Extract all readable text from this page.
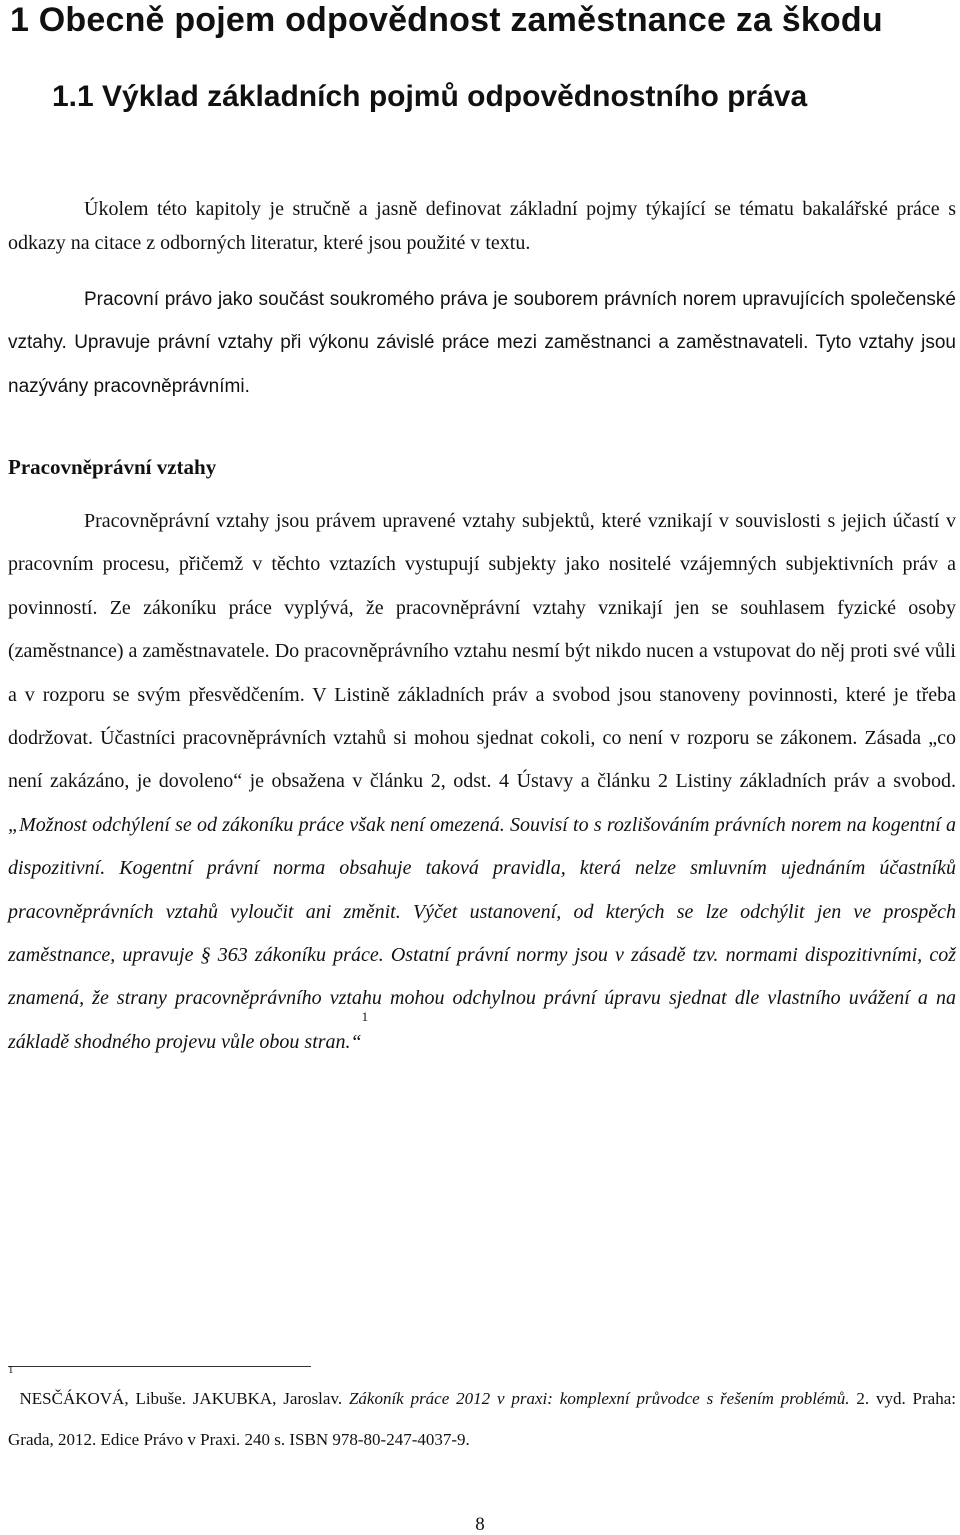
1 Obecně pojem odpovědnost zaměstnance za škodu
1.1 Výklad základních pojmů odpovědnostního práva

Úkolem této kapitoly je stručně a jasně definovat základní pojmy týkající se tématu bakalářské práce s odkazy na citace z odborných literatur, které jsou použité v textu.

Pracovní právo jako součást soukromého práva je souborem právních norem upravujících společenské vztahy. Upravuje právní vztahy při výkonu závislé práce mezi zaměstnanci a zaměstnavateli. Tyto vztahy jsou nazývány pracovněprávními.

Pracovněprávní vztahy

Pracovněprávní vztahy jsou právem upravené vztahy subjektů, které vznikají v souvislosti s jejich účastí v pracovním procesu, přičemž v těchto vztazích vystupují subjekty jako nositelé vzájemných subjektivních práv a povinností. Ze zákoníku práce vyplývá, že pracovněprávní vztahy vznikají jen se souhlasem fyzické osoby (zaměstnance) a zaměstnavatele. Do pracovněprávního vztahu nesmí být nikdo nucen a vstupovat do něj proti své vůli a v rozporu se svým přesvědčením. V Listině základních práv a svobod jsou stanoveny povinnosti, které je třeba dodržovat. Účastníci pracovněprávních vztahů si mohou sjednat cokoli, co není v rozporu se zákonem. Zásada „co není zakázáno, je dovoleno“ je obsažena v článku 2, odst. 4 Ústavy a článku 2 Listiny základních práv a svobod. „Možnost odchýlení se od zákoníku práce však není omezená. Souvisí to s rozlišováním právních norem na kogentní a dispozitivní. Kogentní právní norma obsahuje taková pravidla, která nelze smluvním ujednáním účastníků pracovněprávních vztahů vyloučit ani změnit. Výčet ustanovení, od kterých se lze odchýlit jen ve prospěch zaměstnance, upravuje § 363 zákoníku práce. Ostatní právní normy jsou v zásadě tzv. normami dispozitivními, což znamená, že strany pracovněprávního vztahu mohou odchylnou právní úpravu sjednat dle vlastního uvážení a na základě shodného projevu vůle obou stran.“$^1$

$^1$NESČÁKOVÁ, Libuše. JAKUBKA, Jaroslav. Zákoník práce 2012 v praxi: komplexní průvodce s řešením problémů. 2. vyd. Praha: Grada, 2012. Edice Právo v Praxi. 240 s. ISBN 978-80-247-4037-9.

8
